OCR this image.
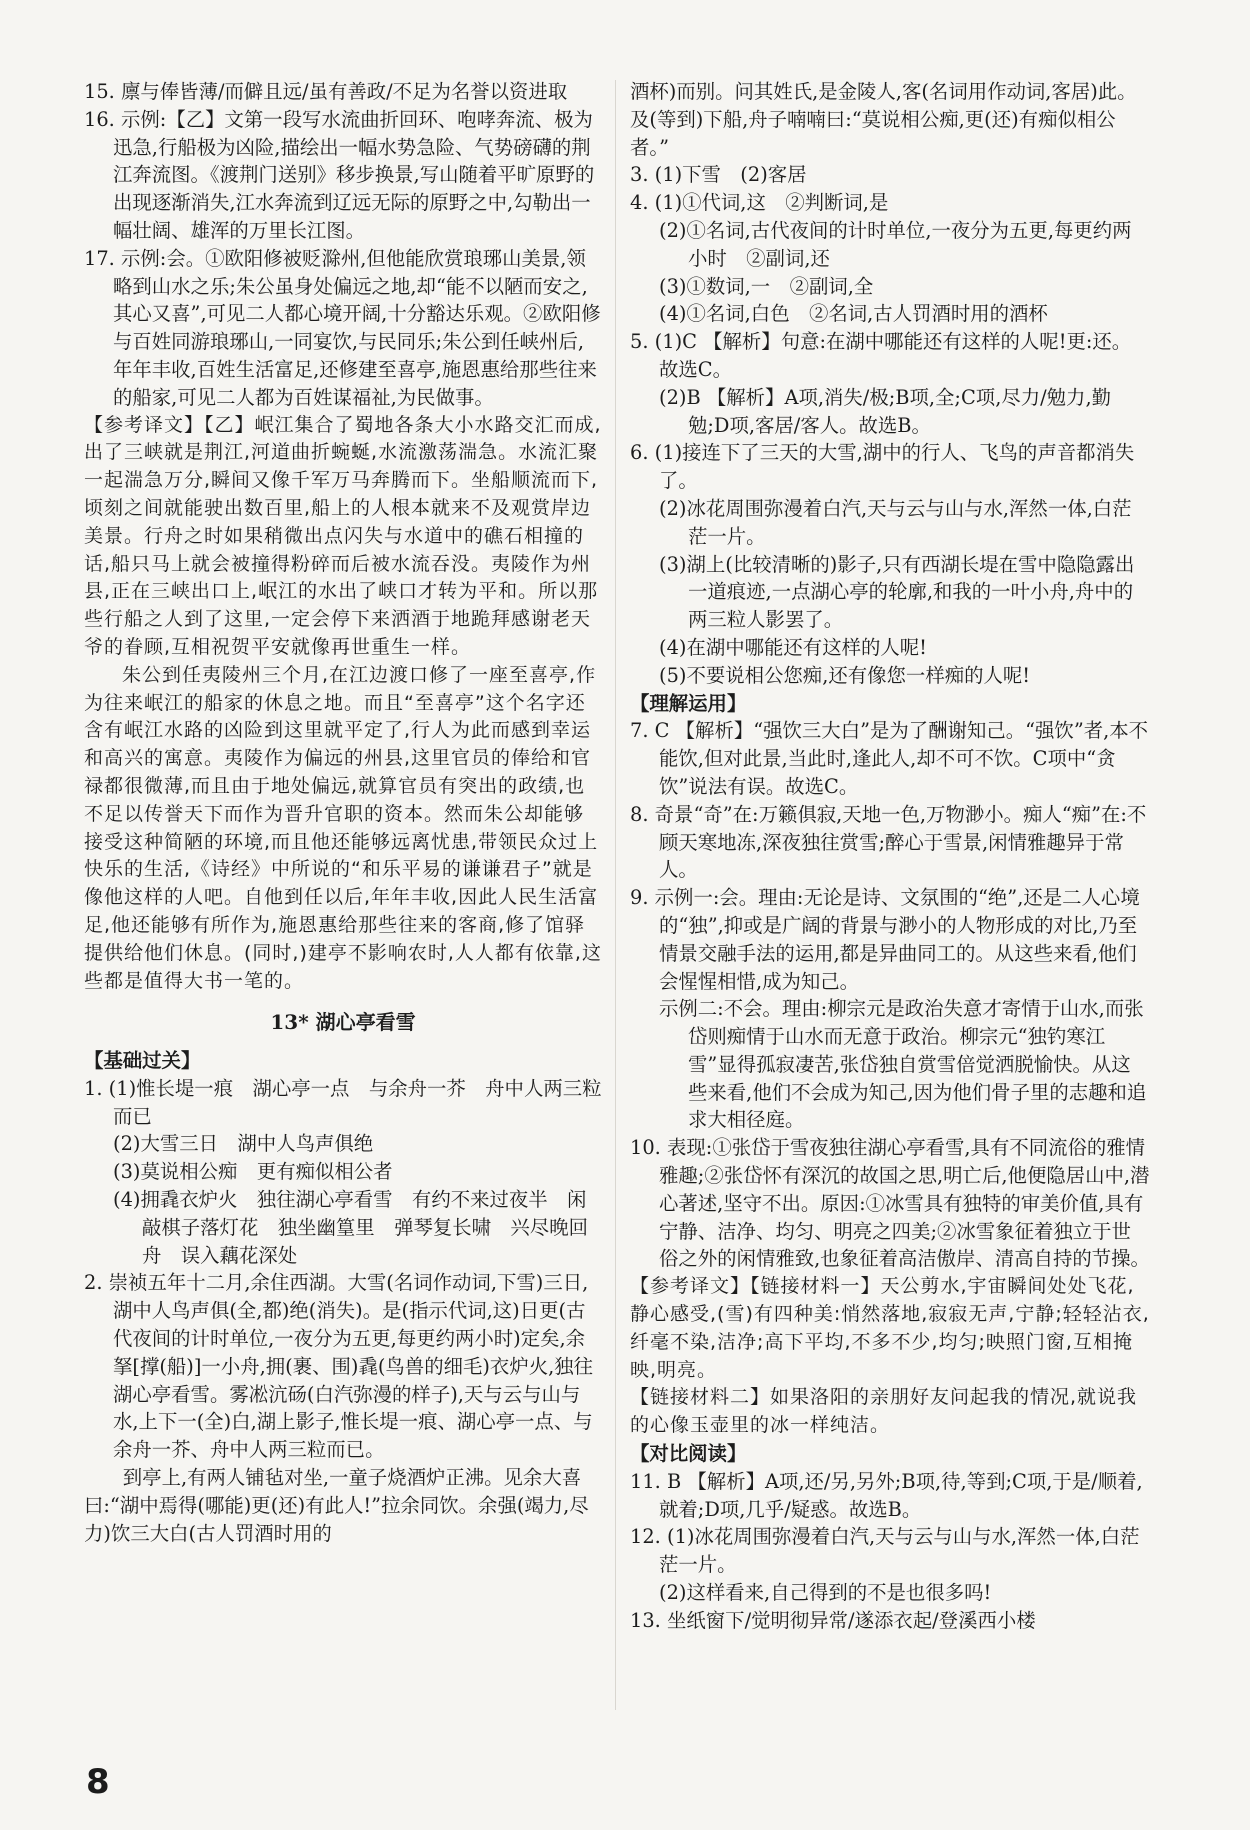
15. 廪与俸皆薄/而僻且远/虽有善政/不足为名誉以资进取

16. 示例:【乙】文第一段写水流曲折回环、咆哮奔流、极为迅急,行船极为凶险,描绘出一幅水势急险、气势磅礴的荆江奔流图。《渡荆门送别》移步换景,写山随着平旷原野的出现逐渐消失,江水奔流到辽远无际的原野之中,勾勒出一幅壮阔、雄浑的万里长江图。

17. 示例:会。①欧阳修被贬滁州,但他能欣赏琅琊山美景,领略到山水之乐;朱公虽身处偏远之地,却“能不以陋而安之,其心又喜”,可见二人都心境开阔,十分豁达乐观。②欧阳修与百姓同游琅琊山,一同宴饮,与民同乐;朱公到任峡州后,年年丰收,百姓生活富足,还修建至喜亭,施恩惠给那些往来的船家,可见二人都为百姓谋福祉,为民做事。

【参考译文】【乙】岷江集合了蜀地各条大小水路交汇而成,出了三峡就是荆江,河道曲折蜿蜒,水流激荡湍急。水流汇聚一起湍急万分,瞬间又像千军万马奔腾而下。坐船顺流而下,顷刻之间就能驶出数百里,船上的人根本就来不及观赏岸边美景。行舟之时如果稍微出点闪失与水道中的礁石相撞的话,船只马上就会被撞得粉碎而后被水流吞没。夷陵作为州县,正在三峡出口上,岷江的水出了峡口才转为平和。所以那些行船之人到了这里,一定会停下来洒酒于地跪拜感谢老天爷的眷顾,互相祝贺平安就像再世重生一样。

朱公到任夷陵州三个月,在江边渡口修了一座至喜亭,作为往来岷江的船家的休息之地。而且“至喜亭”这个名字还含有岷江水路的凶险到这里就平定了,行人为此而感到幸运和高兴的寓意。夷陵作为偏远的州县,这里官员的俸给和官禄都很微薄,而且由于地处偏远,就算官员有突出的政绩,也不足以传誉天下而作为晋升官职的资本。然而朱公却能够接受这种简陋的环境,而且他还能够远离忧患,带领民众过上快乐的生活,《诗经》中所说的“和乐平易的谦谦君子”就是像他这样的人吧。自他到任以后,年年丰收,因此人民生活富足,他还能够有所作为,施恩惠给那些往来的客商,修了馆驿提供给他们休息。(同时,)建亭不影响农时,人人都有依靠,这些都是值得大书一笔的。

13* 湖心亭看雪

【基础过关】

1. (1)惟长堤一痕　湖心亭一点　与余舟一芥　舟中人两三粒而已

(2)大雪三日　湖中人鸟声俱绝

(3)莫说相公痴　更有痴似相公者

(4)拥毳衣炉火　独往湖心亭看雪　有约不来过夜半　闲敲棋子落灯花　独坐幽篁里　弹琴复长啸　兴尽晚回舟　误入藕花深处

2. 崇祯五年十二月,余住西湖。大雪(名词作动词,下雪)三日,湖中人鸟声俱(全,都)绝(消失)。是(指示代词,这)日更(古代夜间的计时单位,一夜分为五更,每更约两小时)定矣,余拏[撑(船)]一小舟,拥(裹、围)毳(鸟兽的细毛)衣炉火,独往湖心亭看雪。雾凇沆砀(白汽弥漫的样子),天与云与山与水,上下一(全)白,湖上影子,惟长堤一痕、湖心亭一点、与余舟一芥、舟中人两三粒而已。

到亭上,有两人铺毡对坐,一童子烧酒炉正沸。见余大喜曰:“湖中焉得(哪能)更(还)有此人!”拉余同饮。余强(竭力,尽力)饮三大白(古人罚酒时用的

酒杯)而别。问其姓氏,是金陵人,客(名词用作动词,客居)此。及(等到)下船,舟子喃喃曰:“莫说相公痴,更(还)有痴似相公者。”

3. (1)下雪　(2)客居

4. (1)①代词,这　②判断词,是

(2)①名词,古代夜间的计时单位,一夜分为五更,每更约两小时　②副词,还

(3)①数词,一　②副词,全

(4)①名词,白色　②名词,古人罚酒时用的酒杯

5. (1)C 【解析】句意:在湖中哪能还有这样的人呢!更:还。故选C。

(2)B 【解析】A项,消失/极;B项,全;C项,尽力/勉力,勤勉;D项,客居/客人。故选B。

6. (1)接连下了三天的大雪,湖中的行人、飞鸟的声音都消失了。

(2)冰花周围弥漫着白汽,天与云与山与水,浑然一体,白茫茫一片。

(3)湖上(比较清晰的)影子,只有西湖长堤在雪中隐隐露出一道痕迹,一点湖心亭的轮廓,和我的一叶小舟,舟中的两三粒人影罢了。

(4)在湖中哪能还有这样的人呢!

(5)不要说相公您痴,还有像您一样痴的人呢!

【理解运用】

7. C 【解析】“强饮三大白”是为了酬谢知己。“强饮”者,本不能饮,但对此景,当此时,逢此人,却不可不饮。C项中“贪饮”说法有误。故选C。

8. 奇景“奇”在:万籁俱寂,天地一色,万物渺小。痴人“痴”在:不顾天寒地冻,深夜独往赏雪;醉心于雪景,闲情雅趣异于常人。

9. 示例一:会。理由:无论是诗、文氛围的“绝”,还是二人心境的“独”,抑或是广阔的背景与渺小的人物形成的对比,乃至情景交融手法的运用,都是异曲同工的。从这些来看,他们会惺惺相惜,成为知己。

示例二:不会。理由:柳宗元是政治失意才寄情于山水,而张岱则痴情于山水而无意于政治。柳宗元“独钓寒江雪”显得孤寂凄苦,张岱独自赏雪倍觉洒脱愉快。从这些来看,他们不会成为知己,因为他们骨子里的志趣和追求大相径庭。

10. 表现:①张岱于雪夜独往湖心亭看雪,具有不同流俗的雅情雅趣;②张岱怀有深沉的故国之思,明亡后,他便隐居山中,潜心著述,坚守不出。原因:①冰雪具有独特的审美价值,具有宁静、洁净、均匀、明亮之四美;②冰雪象征着独立于世俗之外的闲情雅致,也象征着高洁傲岸、清高自持的节操。

【参考译文】【链接材料一】天公剪水,宇宙瞬间处处飞花,静心感受,(雪)有四种美:悄然落地,寂寂无声,宁静;轻轻沾衣,纤毫不染,洁净;高下平均,不多不少,均匀;映照门窗,互相掩映,明亮。

【链接材料二】如果洛阳的亲朋好友问起我的情况,就说我的心像玉壶里的冰一样纯洁。

【对比阅读】

11. B 【解析】A项,还/另,另外;B项,待,等到;C项,于是/顺着,就着;D项,几乎/疑惑。故选B。

12. (1)冰花周围弥漫着白汽,天与云与山与水,浑然一体,白茫茫一片。

(2)这样看来,自己得到的不是也很多吗!

13. 坐纸窗下/觉明彻异常/遂添衣起/登溪西小楼

8
